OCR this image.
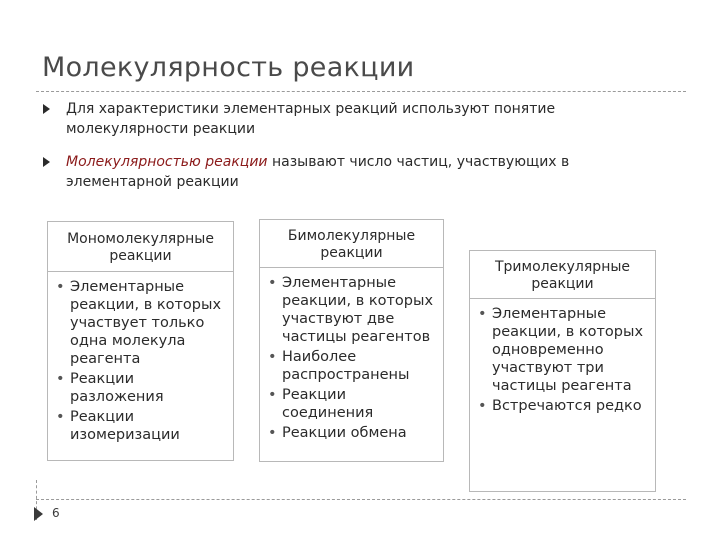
Молекулярность реакции
Для характеристики элементарных реакций используют понятие молекулярности реакции
Молекулярностью реакции называют число частиц, участвующих в элементарной реакции
Мономолекулярные реакции
• Элементарные реакции, в которых участвует только одна молекула реагента
• Реакции разложения
• Реакции изомеризации
Бимолекулярные реакции
• Элементарные реакции, в которых участвуют две частицы реагентов
• Наиболее распространены
• Реакции соединения
• Реакции обмена
Тримолекулярные реакции
• Элементарные реакции, в которых одновременно участвуют три частицы реагента
• Встречаются редко
6
